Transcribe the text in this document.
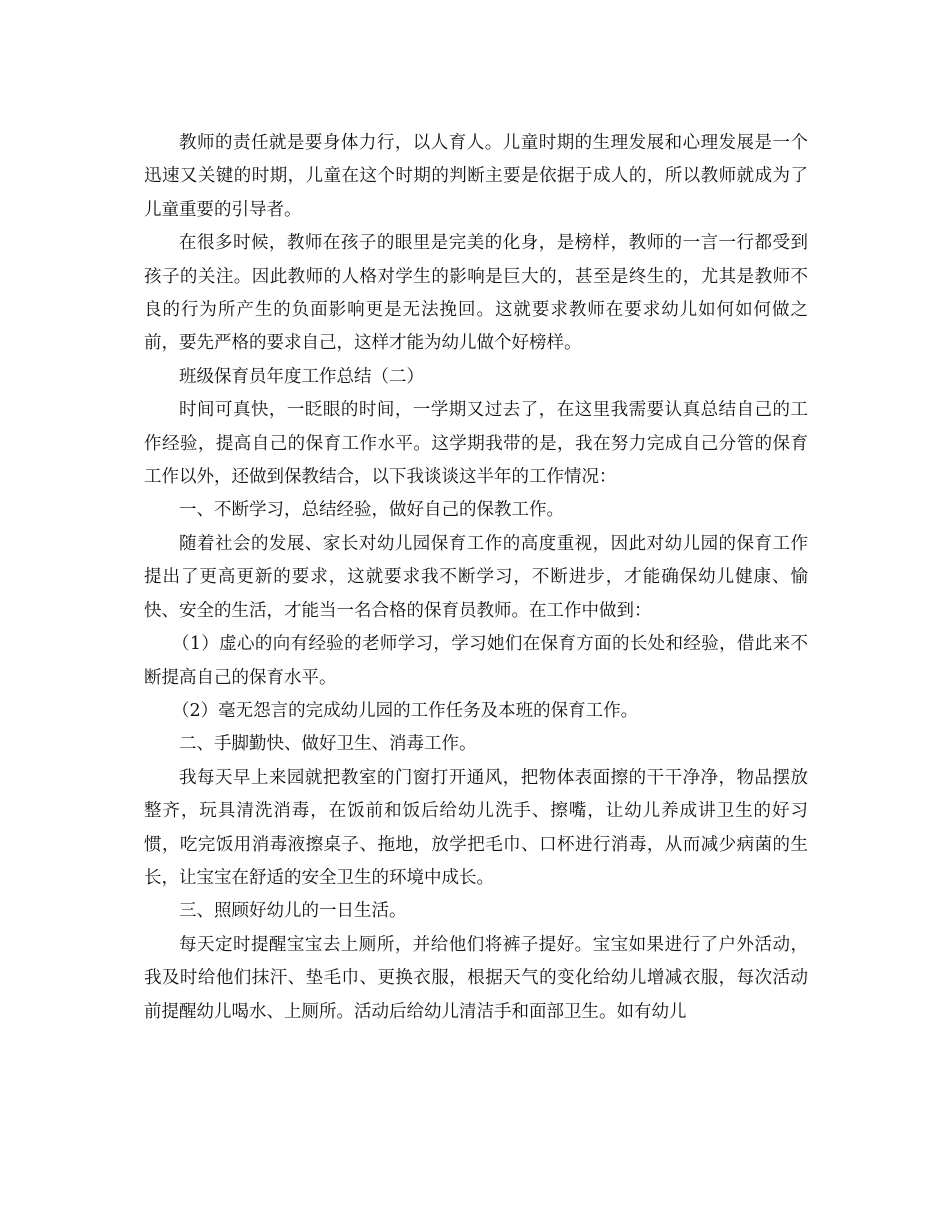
教师的责任就是要身体力行，以人育人。儿童时期的生理发展和心理发展是一个迅速又关键的时期，儿童在这个时期的判断主要是依据于成人的，所以教师就成为了儿童重要的引导者。

在很多时候，教师在孩子的眼里是完美的化身，是榜样，教师的一言一行都受到孩子的关注。因此教师的人格对学生的影响是巨大的，甚至是终生的，尤其是教师不良的行为所产生的负面影响更是无法挽回。这就要求教师在要求幼儿如何如何做之前，要先严格的要求自己，这样才能为幼儿做个好榜样。

班级保育员年度工作总结（二）

时间可真快，一眨眼的时间，一学期又过去了，在这里我需要认真总结自己的工作经验，提高自己的保育工作水平。这学期我带的是，我在努力完成自己分管的保育工作以外，还做到保教结合，以下我谈谈这半年的工作情况：

一、不断学习，总结经验，做好自己的保教工作。

随着社会的发展、家长对幼儿园保育工作的高度重视，因此对幼儿园的保育工作提出了更高更新的要求，这就要求我不断学习，不断进步，才能确保幼儿健康、愉快、安全的生活，才能当一名合格的保育员教师。在工作中做到：

（1）虚心的向有经验的老师学习，学习她们在保育方面的长处和经验，借此来不断提高自己的保育水平。

（2）毫无怨言的完成幼儿园的工作任务及本班的保育工作。

二、手脚勤快、做好卫生、消毒工作。

我每天早上来园就把教室的门窗打开通风，把物体表面擦的干干净净，物品摆放整齐，玩具清洗消毒，在饭前和饭后给幼儿洗手、擦嘴，让幼儿养成讲卫生的好习惯，吃完饭用消毒液擦桌子、拖地，放学把毛巾、口杯进行消毒，从而减少病菌的生长，让宝宝在舒适的安全卫生的环境中成长。

三、照顾好幼儿的一日生活。

每天定时提醒宝宝去上厕所，并给他们将裤子提好。宝宝如果进行了户外活动，我及时给他们抹汗、垫毛巾、更换衣服，根据天气的变化给幼儿增减衣服，每次活动前提醒幼儿喝水、上厕所。活动后给幼儿清洁手和面部卫生。如有幼儿
